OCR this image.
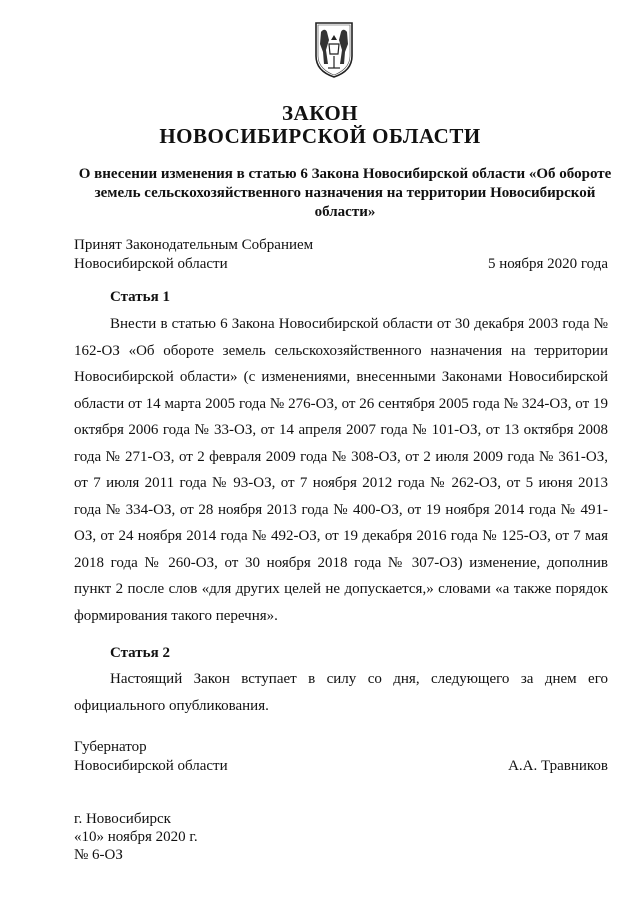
ЗАКОН
НОВОСИБИРСКОЙ ОБЛАСТИ
О внесении изменения в статью 6 Закона Новосибирской области «Об обороте земель сельскохозяйственного назначения на территории Новосибирской области»
Принят Законодательным Собранием
Новосибирской области	5 ноября 2020 года
Статья 1
Внести в статью 6 Закона Новосибирской области от 30 декабря 2003 года № 162-ОЗ «Об обороте земель сельскохозяйственного назначения на территории Новосибирской области» (с изменениями, внесенными Законами Новосибирской области от 14 марта 2005 года № 276-ОЗ, от 26 сентября 2005 года № 324-ОЗ, от 19 октября 2006 года № 33-ОЗ, от 14 апреля 2007 года № 101-ОЗ, от 13 октября 2008 года № 271-ОЗ, от 2 февраля 2009 года № 308-ОЗ, от 2 июля 2009 года № 361-ОЗ, от 7 июля 2011 года № 93-ОЗ, от 7 ноября 2012 года № 262-ОЗ, от 5 июня 2013 года № 334-ОЗ, от 28 ноября 2013 года № 400-ОЗ, от 19 ноября 2014 года № 491-ОЗ, от 24 ноября 2014 года № 492-ОЗ, от 19 декабря 2016 года № 125-ОЗ, от 7 мая 2018 года № 260-ОЗ, от 30 ноября 2018 года № 307-ОЗ) изменение, дополнив пункт 2 после слов «для других целей не допускается,» словами «а также порядок формирования такого перечня».
Статья 2
Настоящий Закон вступает в силу со дня, следующего за днем его официального опубликования.
Губернатор
Новосибирской области	А.А. Травников
г. Новосибирск
«10» ноября 2020 г.
№ 6-ОЗ
